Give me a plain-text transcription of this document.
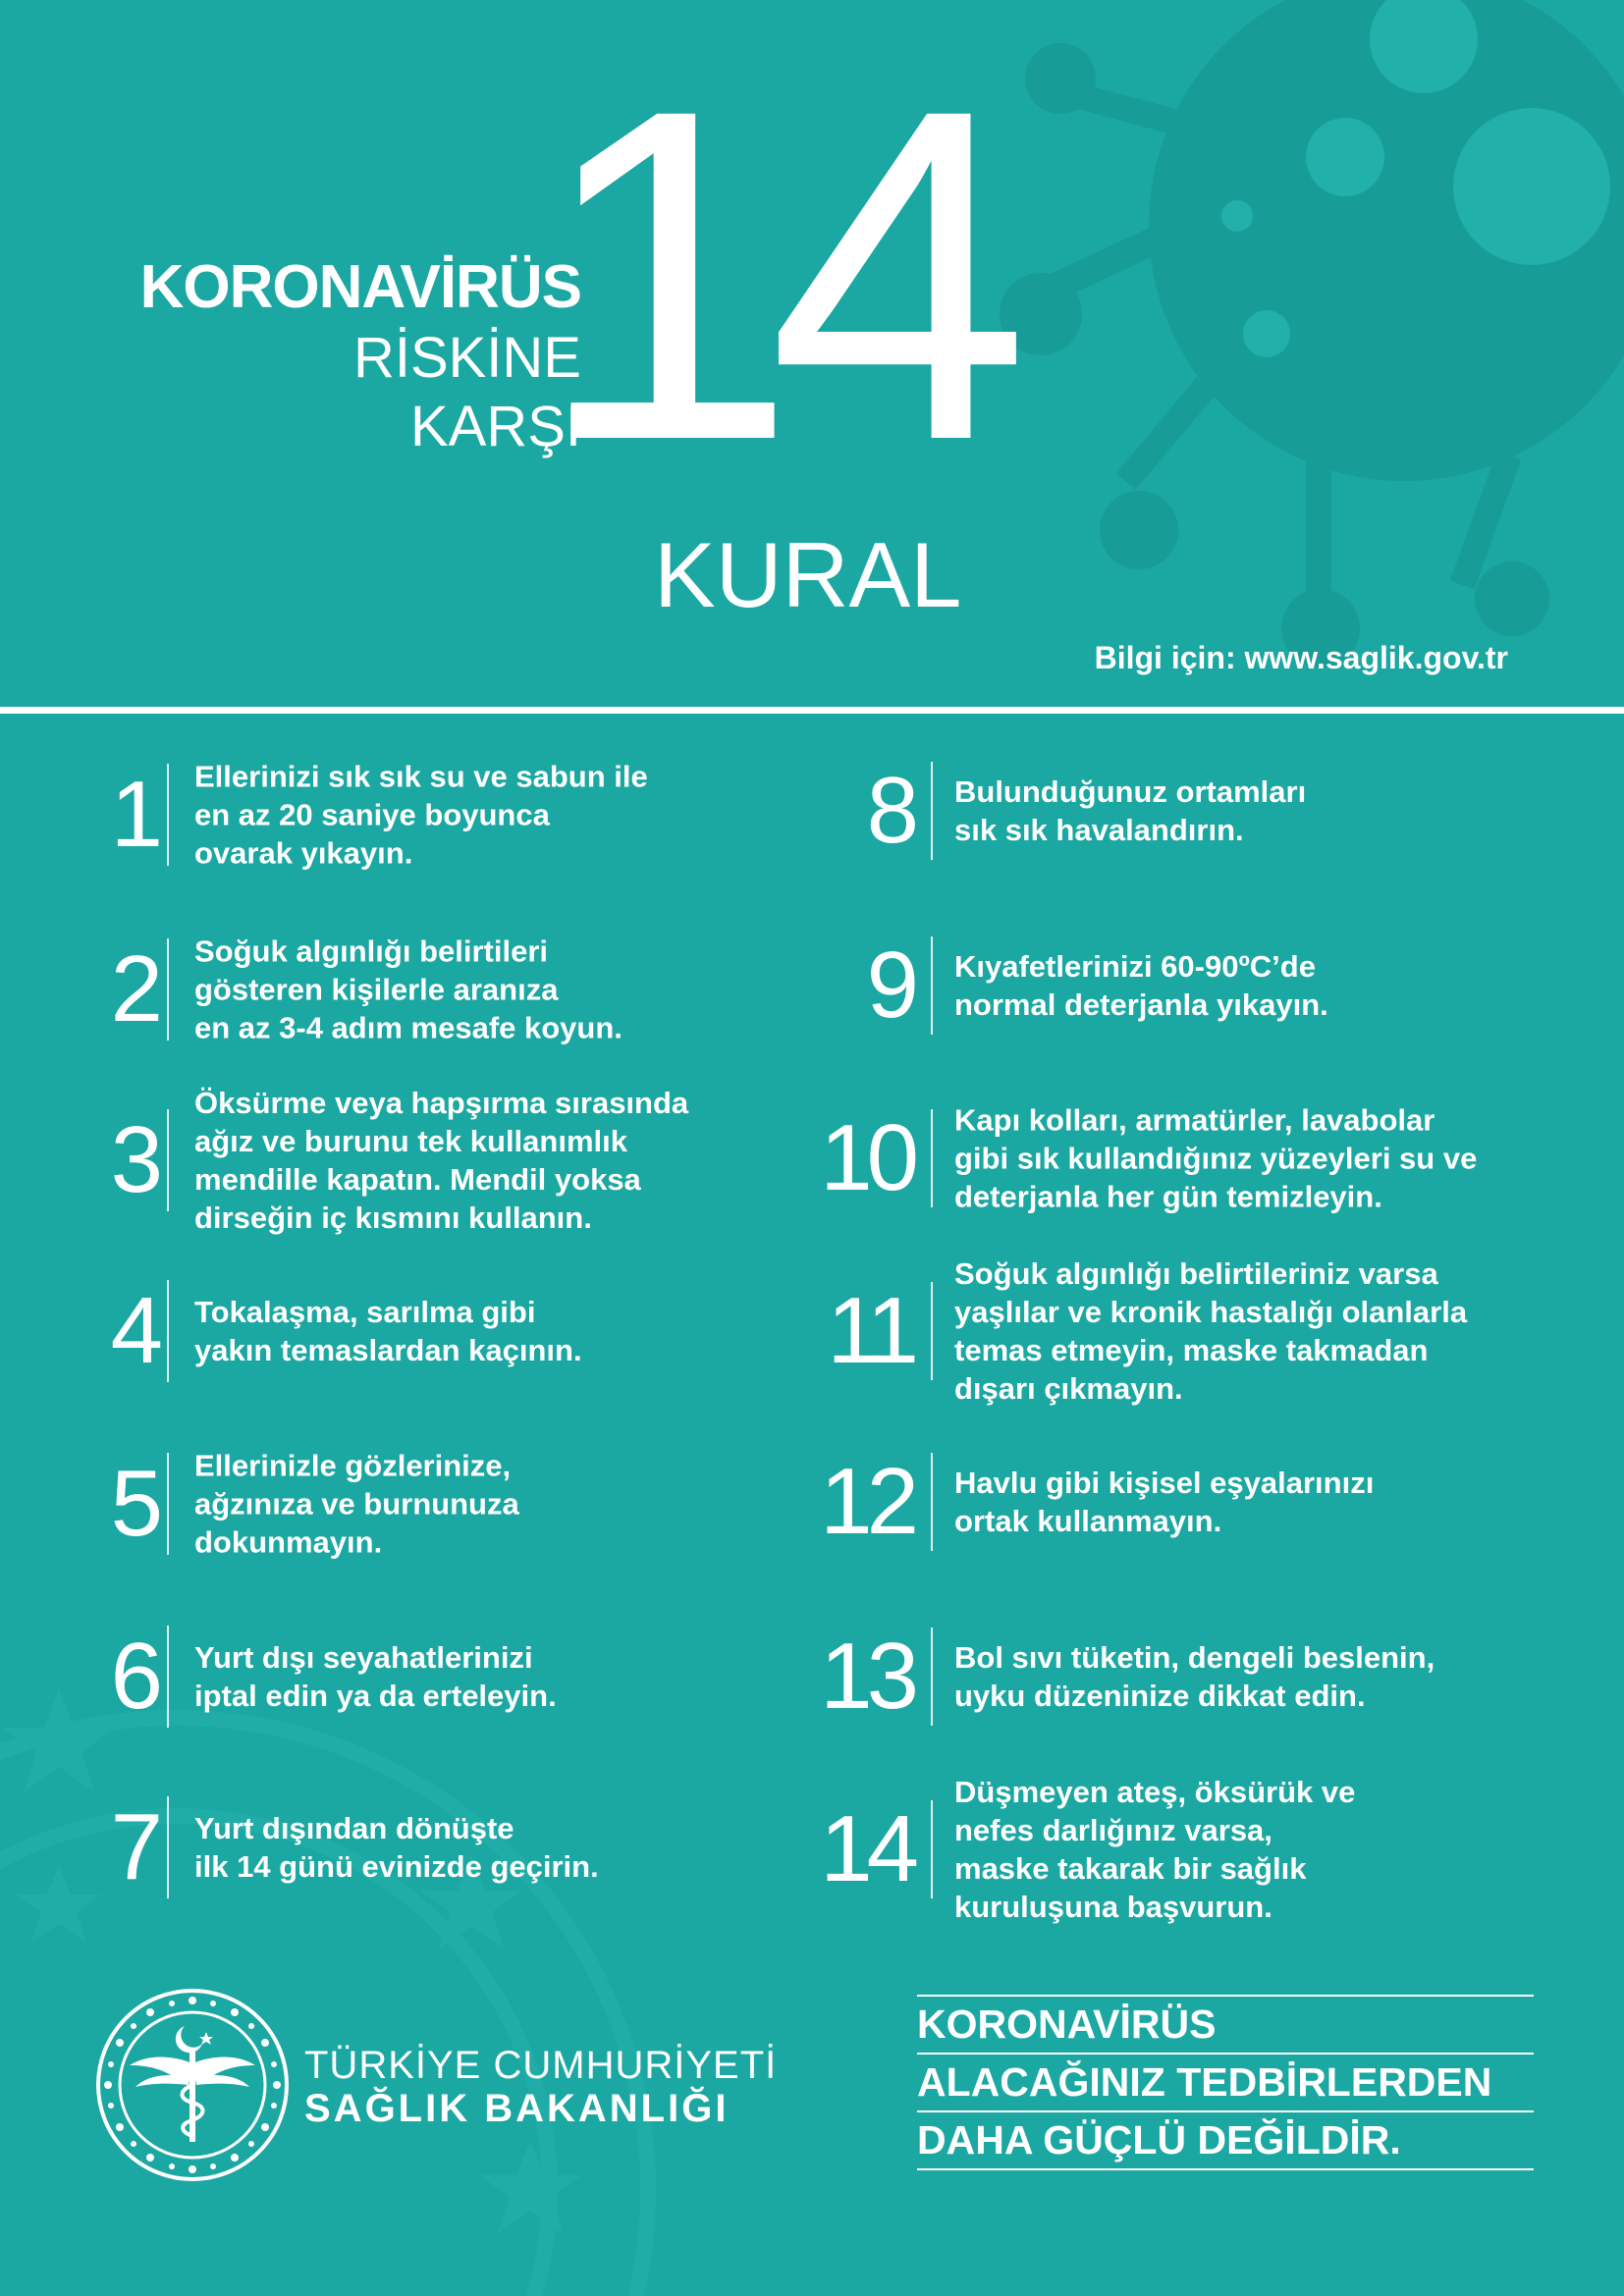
KORONAVİRÜS
RİSKİNE
KARŞI
14
KURAL
Bilgi için: www.saglik.gov.tr
1 Ellerinizi sık sık su ve sabun ile
en az 20 saniye boyunca
ovarak yıkayın.
2 Soğuk algınlığı belirtileri
gösteren kişilerle aranıza
en az 3-4 adım mesafe koyun.
3
Öksürme veya hapşırma sırasında
ağız ve burunu tek kullanımlık
mendille kapatın. Mendil yoksa
dirseğin iç kısmını kullanın.
4 Tokalaşma, sarılma gibi
yakın temaslardan kaçının.
5 Ellerinizle gözlerinize,
ağzınıza ve burnunuza
dokunmayın.
6 Yurt dışı seyahatlerinizi
iptal edin ya da erteleyin.
7 Yurt dışından dönüşte
ilk 14 günü evinizde geçirin.
8 Bulunduğunuz ortamları
sık sık havalandırın.
9 Kıyafetlerinizi 60-90ºC’de
normal deterjanla yıkayın.
10 Kapı kolları, armatürler, lavabolar
gibi sık kullandığınız yüzeyleri su ve
deterjanla her gün temizleyin.
11
Soğuk algınlığı belirtileriniz varsa
yaşlılar ve kronik hastalığı olanlarla
temas etmeyin, maske takmadan
dışarı çıkmayın.
12 Havlu gibi kişisel eşyalarınızı
ortak kullanmayın.
13 Bol sıvı tüketin, dengeli beslenin,
uyku düzeninize dikkat edin.
14
Düşmeyen ateş, öksürük ve
nefes darlığınız varsa,
maske takarak bir sağlık
kuruluşuna başvurun.
TÜRKİYE CUMHURİYETİ
SAĞLIK BAKANLIĞI
KORONAVİRÜS
ALACAĞINIZ TEDBİRLERDEN
DAHA GÜÇLÜ DEĞİLDİR.
